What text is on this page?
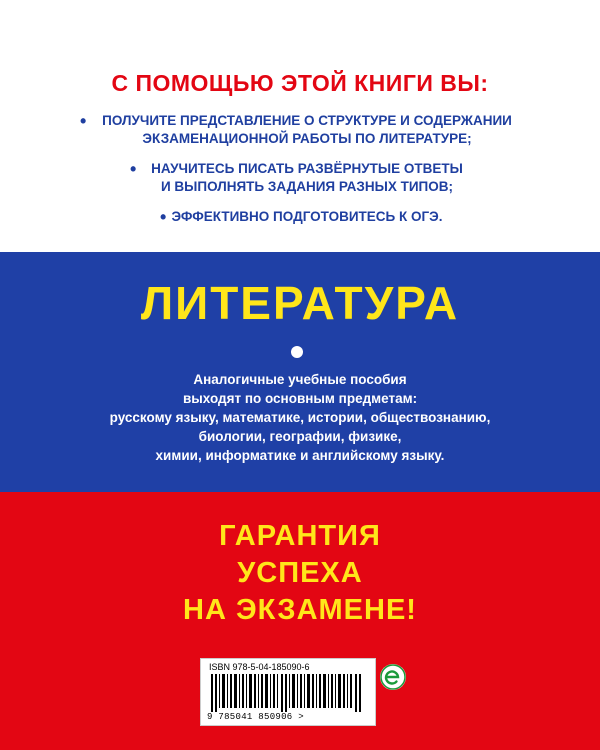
С ПОМОЩЬЮ ЭТОЙ КНИГИ ВЫ:
• ПОЛУЧИТЕ ПРЕДСТАВЛЕНИЕ О СТРУКТУРЕ И СОДЕРЖАНИИ
ЭКЗАМЕНАЦИОННОЙ РАБОТЫ ПО ЛИТЕРАТУРЕ;
• НАУЧИТЕСЬ ПИСАТЬ РАЗВЁРНУТЫЕ ОТВЕТЫ
И ВЫПОЛНЯТЬ ЗАДАНИЯ РАЗНЫХ ТИПОВ;
• ЭФФЕКТИВНО ПОДГОТОВИТЕСЬ К ОГЭ.
ЛИТЕРАТУРА
Аналогичные учебные пособия
выходят по основным предметам:
русскому языку, математике, истории, обществознанию,
биологии, географии, физике,
химии, информатике и английскому языку.
ГАРАНТИЯ
УСПЕХА
НА ЭКЗАМЕНЕ!
ISBN 978-5-04-185090-6
9 785041 850906 >
